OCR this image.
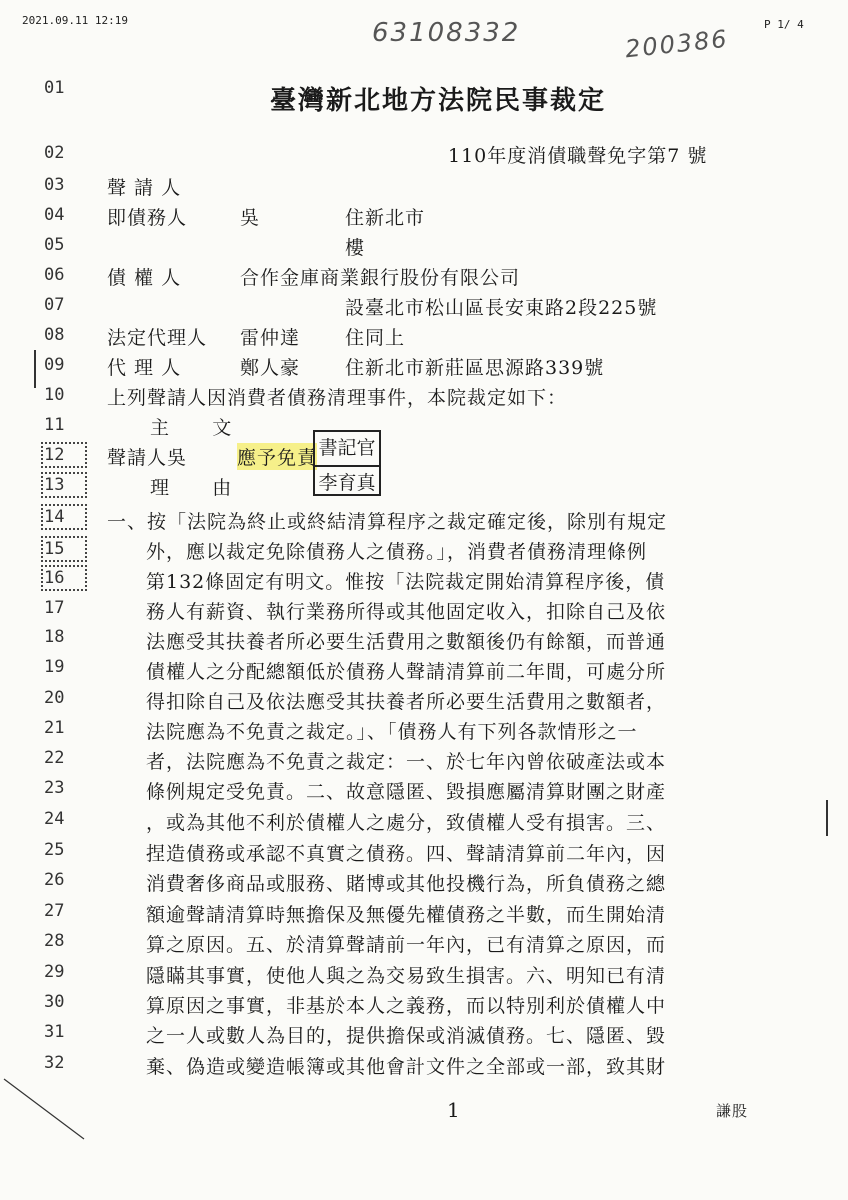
2021.09.11 12:19	63108332	200386
P 1/ 4
01
02
03
04
05
06
07
08
09
10
11
12
13
14
15
16
17
18
19
20
21
22
23
24
25
26
27
28
29
30
31
32
臺灣新北地方法院民事裁定
110年度消債職聲免字第7 號
聲 請 人
即債務人	吳	住新北市
樓
債 權 人	合作金庫商業銀行股份有限公司
設臺北市松山區長安東路2段225號
法定代理人 雷仲達 住同上
代 理 人	鄭人豪 住新北市新莊區思源路339號
上列聲請人因消費者債務清理事件，本院裁定如下：
主      文
聲請人吳	應予免責 書記官
李育真
理      由
一、按「法院為終止或終結清算程序之裁定確定後，除別有規定
外，應以裁定免除債務人之債務。」，消費者債務清理條例
第132條固定有明文。惟按「法院裁定開始清算程序後，債
務人有薪資、執行業務所得或其他固定收入，扣除自己及依
法應受其扶養者所必要生活費用之數額後仍有餘額，而普通
債權人之分配總額低於債務人聲請清算前二年間，可處分所
得扣除自己及依法應受其扶養者所必要生活費用之數額者，
法院應為不免責之裁定。」、「債務人有下列各款情形之一
者，法院應為不免責之裁定：一、於七年內曾依破產法或本
條例規定受免責。二、故意隱匿、毀損應屬清算財團之財產
，或為其他不利於債權人之處分，致債權人受有損害。三、
捏造債務或承認不真實之債務。四、聲請清算前二年內，因
消費奢侈商品或服務、賭博或其他投機行為，所負債務之總
額逾聲請清算時無擔保及無優先權債務之半數，而生開始清
算之原因。五、於清算聲請前一年內，已有清算之原因，而
隱瞞其事實，使他人與之為交易致生損害。六、明知已有清
算原因之事實，非基於本人之義務，而以特別利於債權人中
之一人或數人為目的，提供擔保或消滅債務。七、隱匿、毀
棄、偽造或變造帳簿或其他會計文件之全部或一部，致其財
1	謙股
